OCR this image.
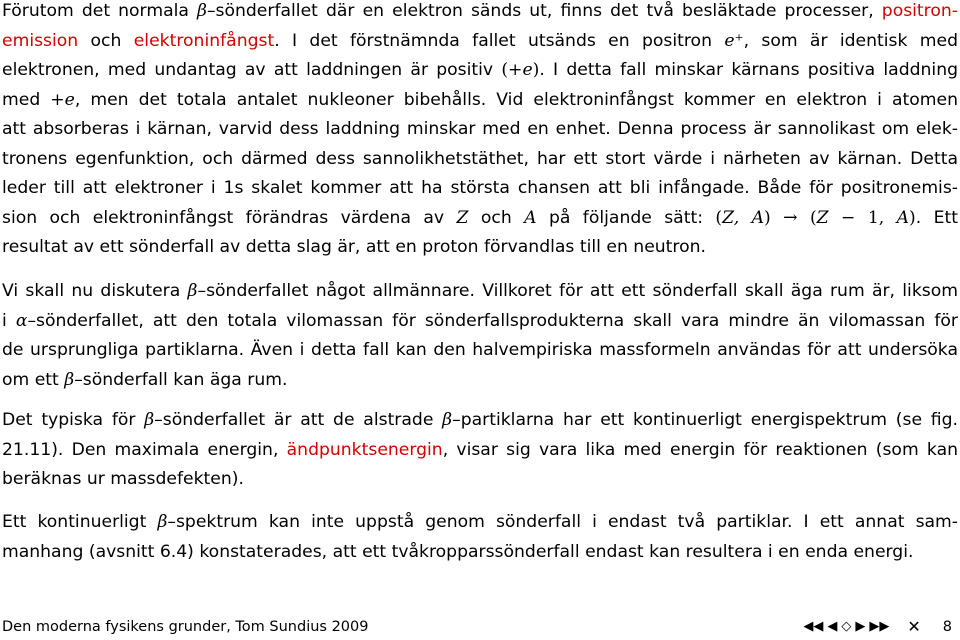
Förutom det normala β–sönderfallet där en elektron sänds ut, finns det två besläktade processer, positron-
emission och elektroninfångst. I det förstnämnda fallet utsänds en positron e⁺, som är identisk med
elektronen, med undantag av att laddningen är positiv (+e). I detta fall minskar kärnans positiva laddning
med +e, men det totala antalet nukleoner bibehålls. Vid elektroninfångst kommer en elektron i atomen
att absorberas i kärnan, varvid dess laddning minskar med en enhet. Denna process är sannolikast om elek-
tronens egenfunktion, och därmed dess sannolikhetstäthet, har ett stort värde i närheten av kärnan. Detta
leder till att elektroner i 1s skalet kommer att ha största chansen att bli infångade. Både för positronemis-
sion och elektroninfångst förändras värdena av Z och A på följande sätt: (Z, A) → (Z − 1, A). Ett
resultat av ett sönderfall av detta slag är, att en proton förvandlas till en neutron.
Vi skall nu diskutera β–sönderfallet något allmännare. Villkoret för att ett sönderfall skall äga rum är, liksom
i α–sönderfallet, att den totala vilomassan för sönderfallsprodukterna skall vara mindre än vilomassan för
de ursprungliga partiklarna. Även i detta fall kan den halvempiriska massformeln användas för att undersöka
om ett β–sönderfall kan äga rum.
Det typiska för β–sönderfallet är att de alstrade β–partiklarna har ett kontinuerligt energispektrum (se fig.
21.11). Den maximala energin, ändpunktsenergin, visar sig vara lika med energin för reaktionen (som kan
beräknas ur massdefekten).
Ett kontinuerligt β–spektrum kan inte uppstå genom sönderfall i endast två partiklar. I ett annat sam-
manhang (avsnitt 6.4) konstaterades, att ett tvåkropparssönderfall endast kan resultera i en enda energi.
Den moderna fysikens grunder, Tom Sundius 2009	◀◀ ◀ ◇ ▶ ▶▶ ✕ 8
